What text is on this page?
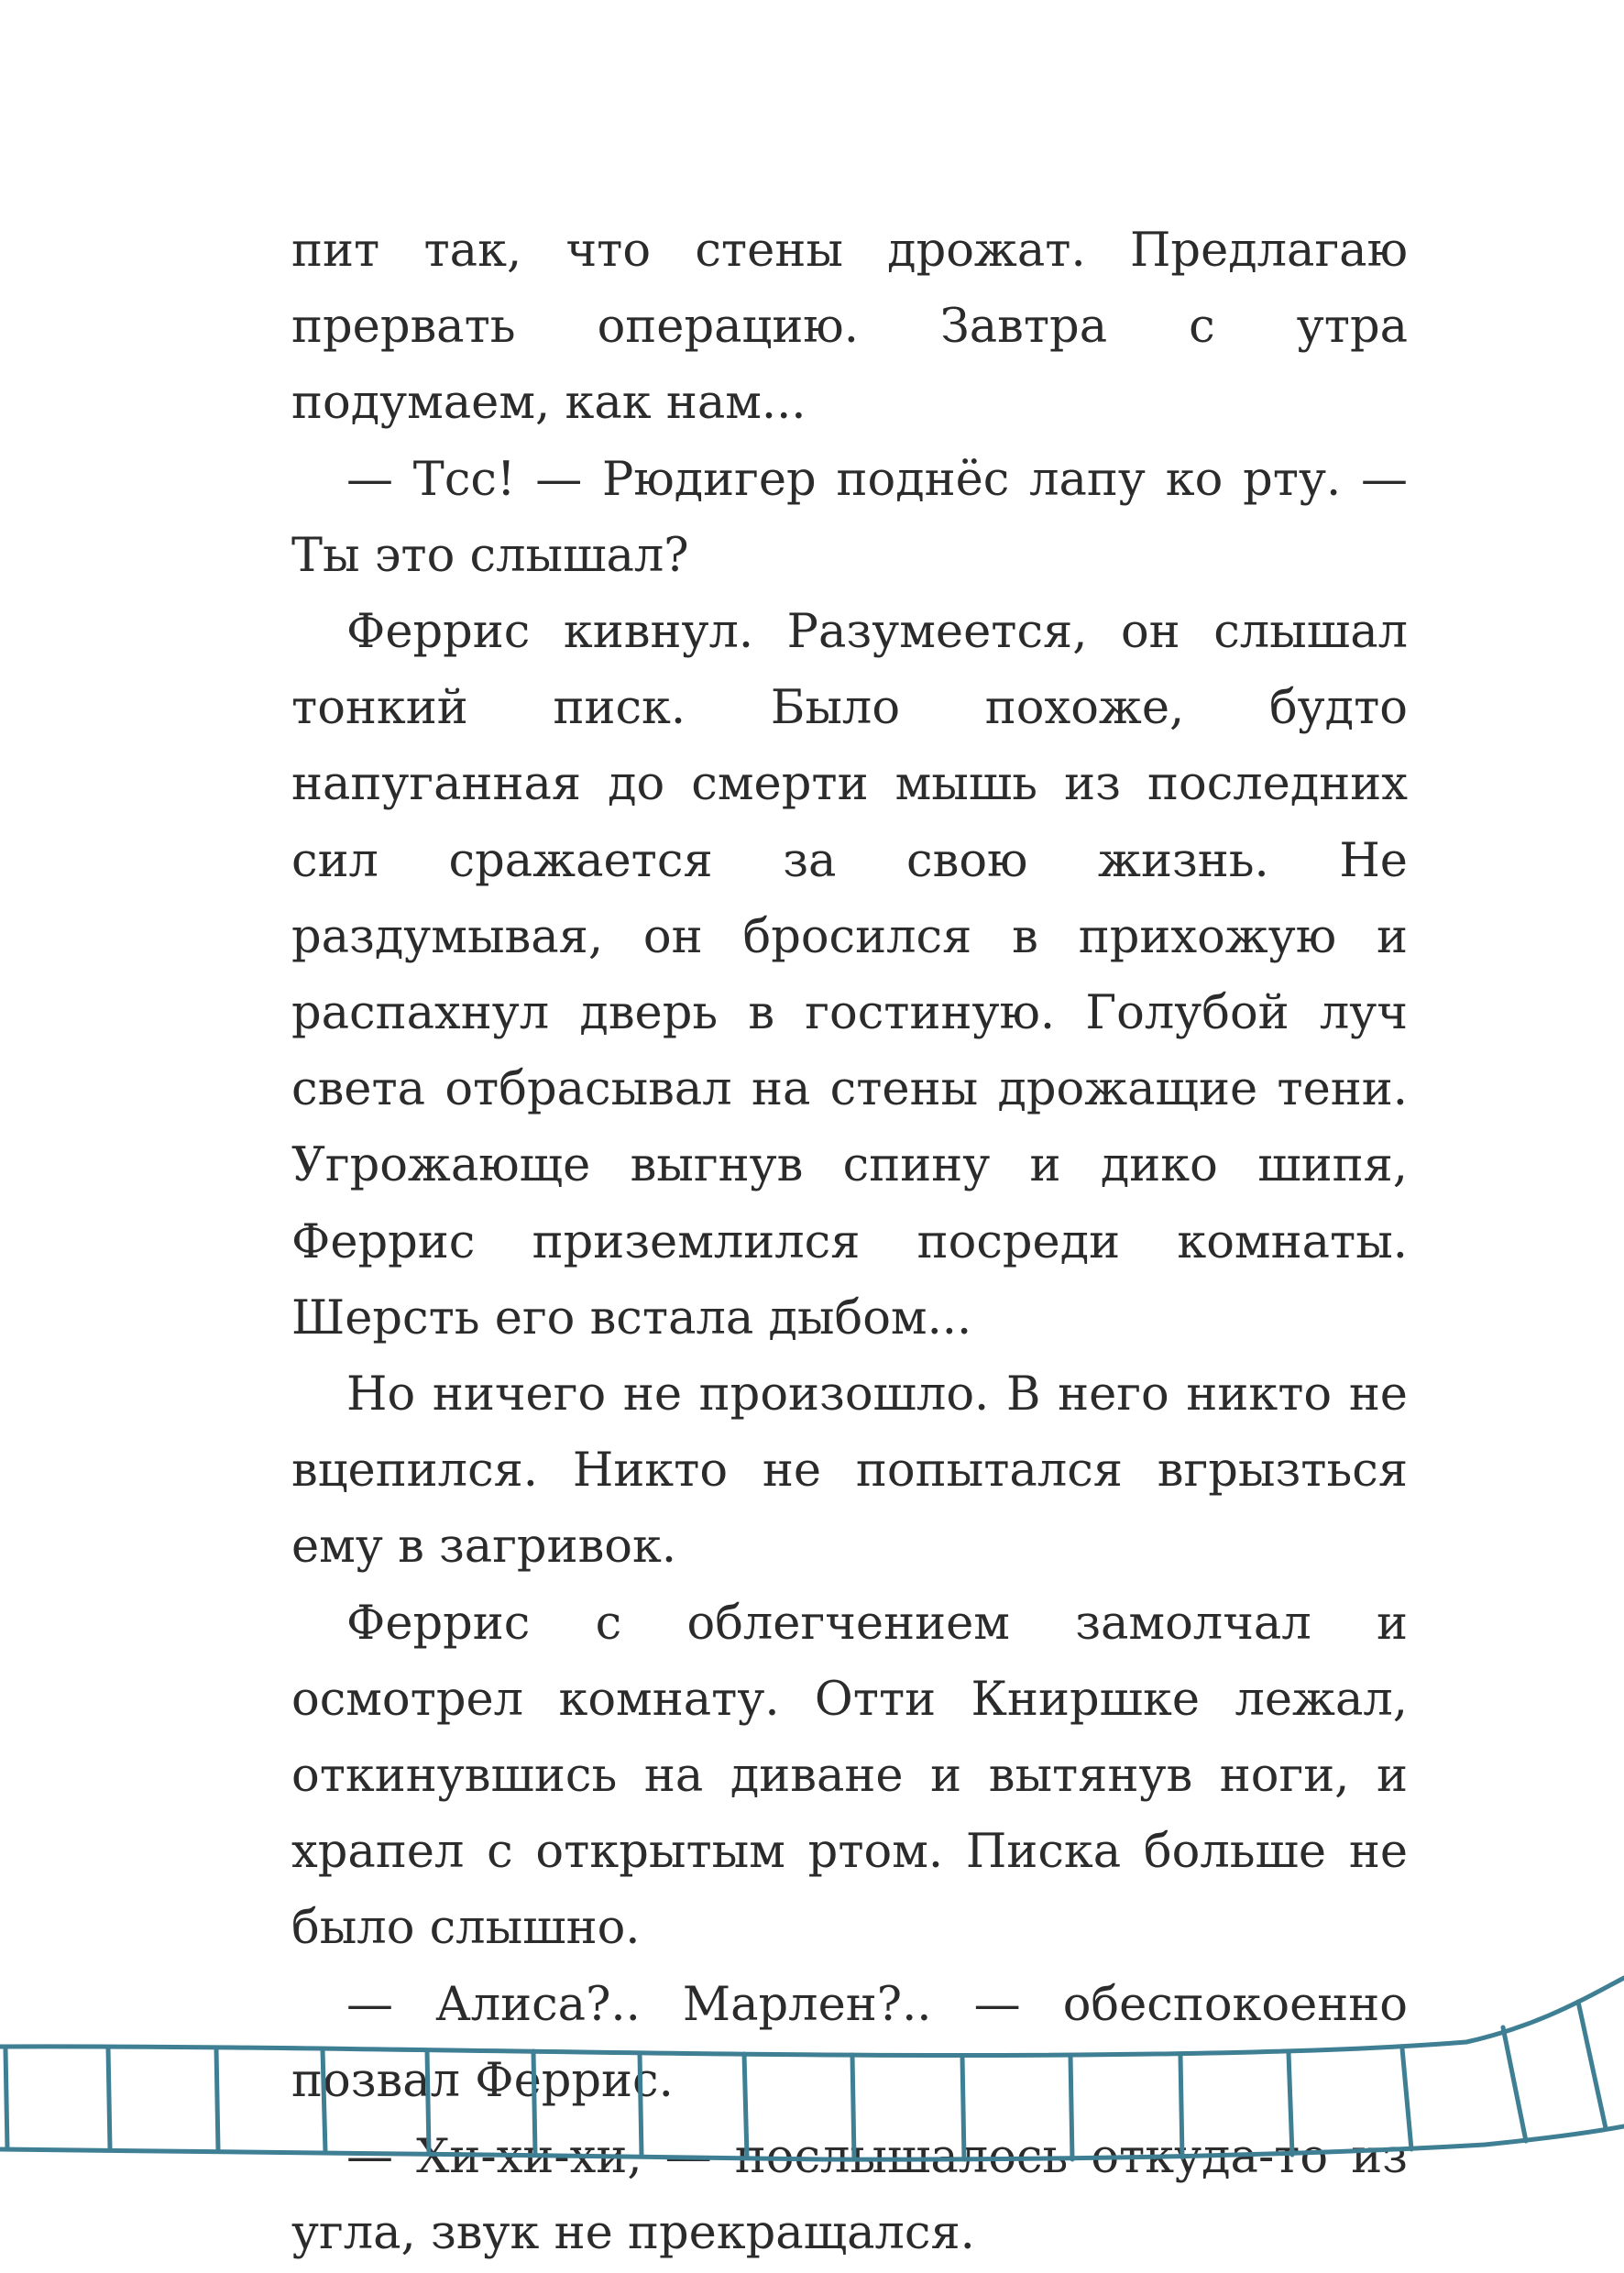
пит так, что стены дрожат. Предлагаю прервать операцию. Завтра с утра подумаем, как нам...

— Тсс! — Рюдигер поднёс лапу ко рту. — Ты это слышал?

Феррис кивнул. Разумеется, он слышал тонкий писк. Было похоже, будто напуганная до смерти мышь из последних сил сражается за свою жизнь. Не раздумывая, он бросился в прихожую и распахнул дверь в гостиную. Голубой луч света отбрасывал на стены дрожащие тени. Угрожающе выгнув спину и дико шипя, Феррис приземлился посреди комнаты. Шерсть его встала дыбом...

Но ничего не произошло. В него никто не вцепился. Никто не попытался вгрызться ему в загривок.

Феррис с облегчением замолчал и осмотрел комнату. Отти Книршке лежал, откинувшись на диване и вытянув ноги, и храпел с открытым ртом. Писка больше не было слышно.

— Алиса?.. Марлен?.. — обеспокоенно позвал Феррис.

— Хи-хи-хи, — послышалось откуда-то из угла, звук не прекращался.
